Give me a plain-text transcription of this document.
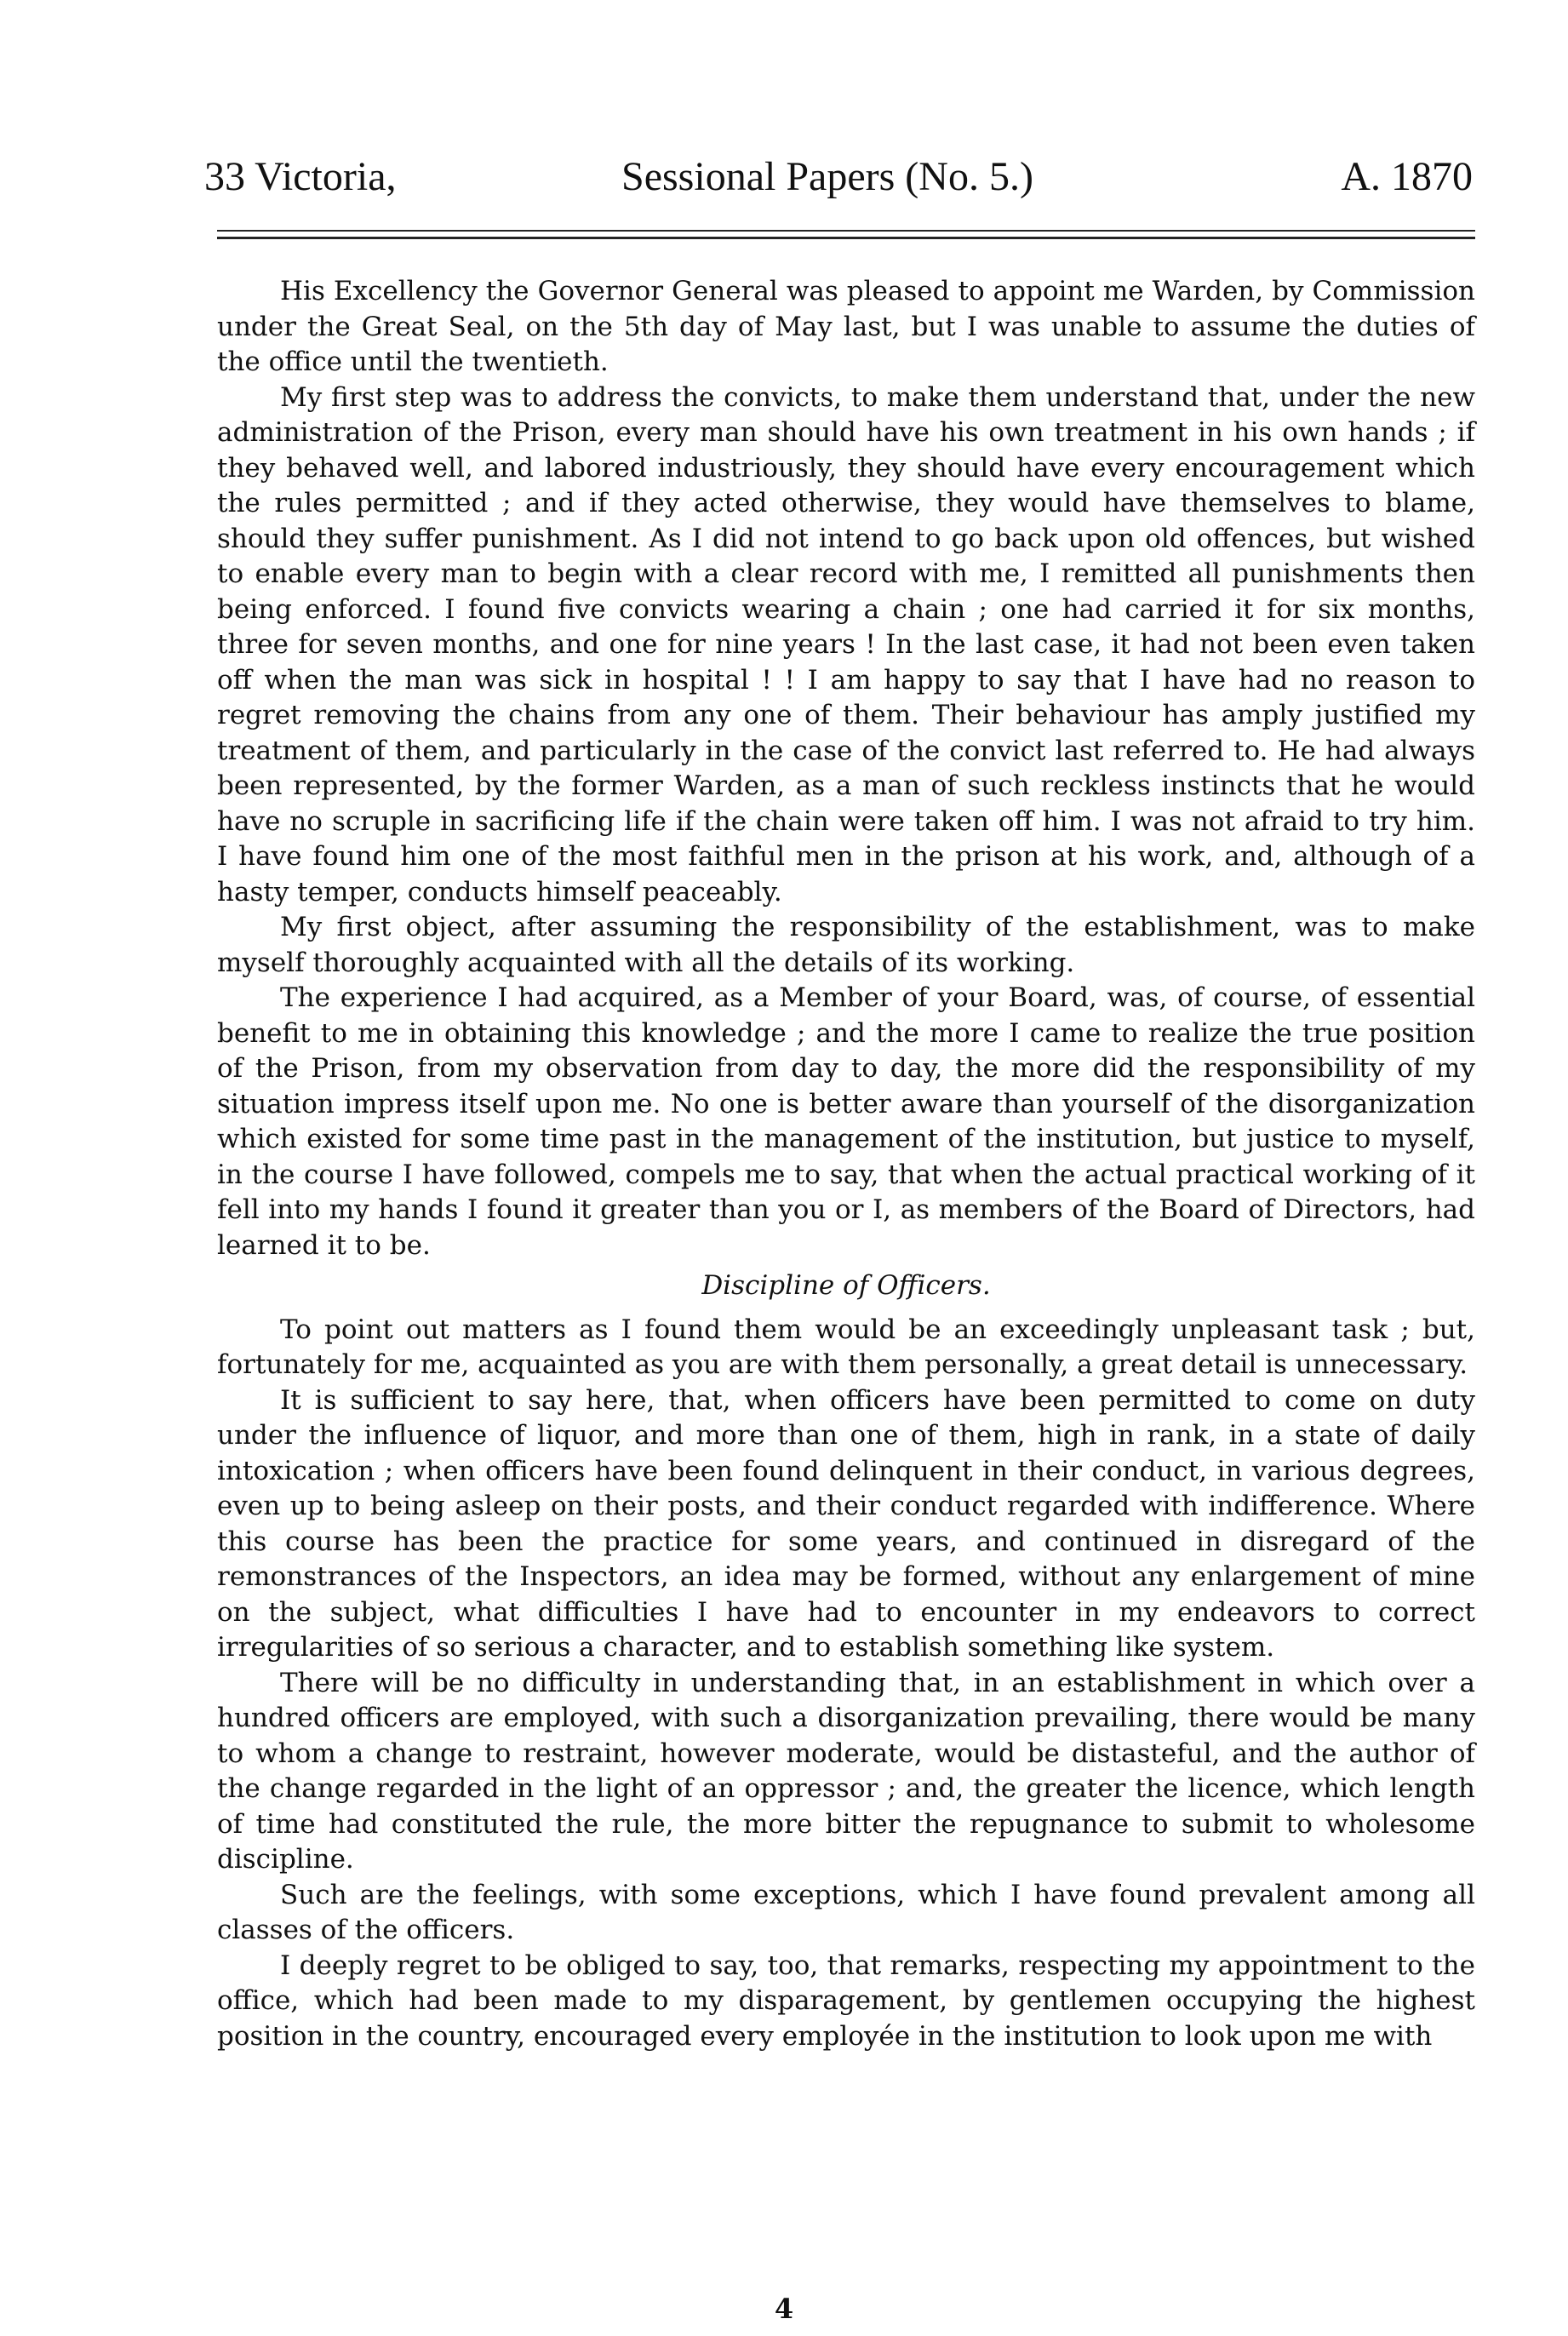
33 Victoria,	Sessional Papers (No. 5.)	A. 1870

His Excellency the Governor General was pleased to appoint me Warden, by Commission under the Great Seal, on the 5th day of May last, but I was unable to assume the duties of the office until the twentieth.

My first step was to address the convicts, to make them understand that, under the new administration of the Prison, every man should have his own treatment in his own hands ; if they behaved well, and labored industriously, they should have every encouragement which the rules permitted ; and if they acted otherwise, they would have themselves to blame, should they suffer punishment. As I did not intend to go back upon old offences, but wished to enable every man to begin with a clear record with me, I remitted all punishments then being enforced. I found five convicts wearing a chain ; one had carried it for six months, three for seven months, and one for nine years ! In the last case, it had not been even taken off when the man was sick in hospital ! ! I am happy to say that I have had no reason to regret removing the chains from any one of them. Their behaviour has amply justified my treatment of them, and particularly in the case of the convict last referred to. He had always been represented, by the former Warden, as a man of such reckless instincts that he would have no scruple in sacrificing life if the chain were taken off him. I was not afraid to try him. I have found him one of the most faithful men in the prison at his work, and, although of a hasty temper, conducts himself peaceably.

My first object, after assuming the responsibility of the establishment, was to make myself thoroughly acquainted with all the details of its working.

The experience I had acquired, as a Member of your Board, was, of course, of essential benefit to me in obtaining this knowledge ; and the more I came to realize the true position of the Prison, from my observation from day to day, the more did the responsibility of my situation impress itself upon me. No one is better aware than yourself of the disorganization which existed for some time past in the management of the institution, but justice to myself, in the course I have followed, compels me to say, that when the actual practical working of it fell into my hands I found it greater than you or I, as members of the Board of Directors, had learned it to be.

Discipline of Officers.

To point out matters as I found them would be an exceedingly unpleasant task ; but, fortunately for me, acquainted as you are with them personally, a great detail is unnecessary.

It is sufficient to say here, that, when officers have been permitted to come on duty under the influence of liquor, and more than one of them, high in rank, in a state of daily intoxication ; when officers have been found delinquent in their conduct, in various degrees, even up to being asleep on their posts, and their conduct regarded with indifference. Where this course has been the practice for some years, and continued in disregard of the remonstrances of the Inspectors, an idea may be formed, without any enlargement of mine on the subject, what difficulties I have had to encounter in my endeavors to correct irregularities of so serious a character, and to establish something like system.

There will be no difficulty in understanding that, in an establishment in which over a hundred officers are employed, with such a disorganization prevailing, there would be many to whom a change to restraint, however moderate, would be distasteful, and the author of the change regarded in the light of an oppressor ; and, the greater the licence, which length of time had constituted the rule, the more bitter the repugnance to submit to wholesome discipline.

Such are the feelings, with some exceptions, which I have found prevalent among all classes of the officers.

I deeply regret to be obliged to say, too, that remarks, respecting my appointment to the office, which had been made to my disparagement, by gentlemen occupying the highest position in the country, encouraged every employée in the institution to look upon me with

4
